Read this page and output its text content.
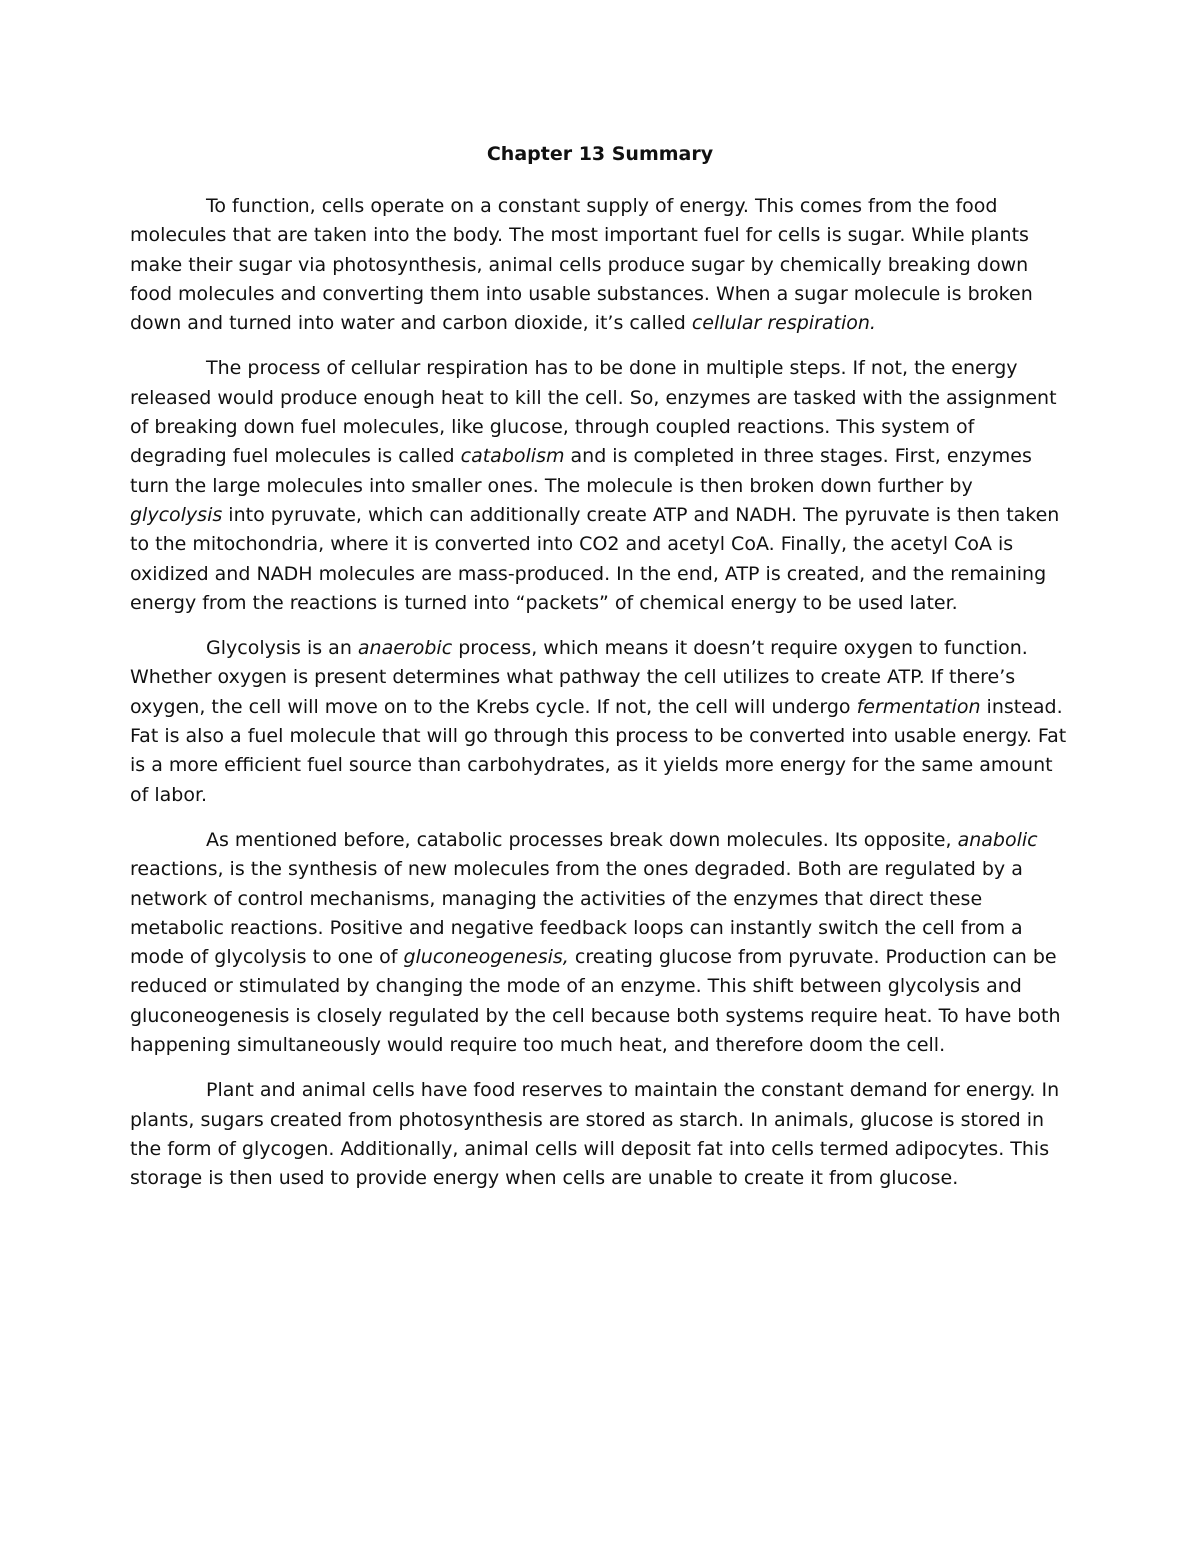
Chapter 13 Summary

To function, cells operate on a constant supply of energy. This comes from the food molecules that are taken into the body. The most important fuel for cells is sugar. While plants make their sugar via photosynthesis, animal cells produce sugar by chemically breaking down food molecules and converting them into usable substances. When a sugar molecule is broken down and turned into water and carbon dioxide, it’s called cellular respiration.

The process of cellular respiration has to be done in multiple steps. If not, the energy released would produce enough heat to kill the cell. So, enzymes are tasked with the assignment of breaking down fuel molecules, like glucose, through coupled reactions. This system of degrading fuel molecules is called catabolism and is completed in three stages. First, enzymes turn the large molecules into smaller ones. The molecule is then broken down further by glycolysis into pyruvate, which can additionally create ATP and NADH. The pyruvate is then taken to the mitochondria, where it is converted into CO2 and acetyl CoA. Finally, the acetyl CoA is oxidized and NADH molecules are mass-produced. In the end, ATP is created, and the remaining energy from the reactions is turned into “packets” of chemical energy to be used later.

Glycolysis is an anaerobic process, which means it doesn’t require oxygen to function. Whether oxygen is present determines what pathway the cell utilizes to create ATP. If there’s oxygen, the cell will move on to the Krebs cycle. If not, the cell will undergo fermentation instead. Fat is also a fuel molecule that will go through this process to be converted into usable energy. Fat is a more efficient fuel source than carbohydrates, as it yields more energy for the same amount of labor.

As mentioned before, catabolic processes break down molecules. Its opposite, anabolic reactions, is the synthesis of new molecules from the ones degraded. Both are regulated by a network of control mechanisms, managing the activities of the enzymes that direct these metabolic reactions. Positive and negative feedback loops can instantly switch the cell from a mode of glycolysis to one of gluconeogenesis, creating glucose from pyruvate. Production can be reduced or stimulated by changing the mode of an enzyme. This shift between glycolysis and gluconeogenesis is closely regulated by the cell because both systems require heat. To have both happening simultaneously would require too much heat, and therefore doom the cell.

Plant and animal cells have food reserves to maintain the constant demand for energy. In plants, sugars created from photosynthesis are stored as starch. In animals, glucose is stored in the form of glycogen. Additionally, animal cells will deposit fat into cells termed adipocytes. This storage is then used to provide energy when cells are unable to create it from glucose.
